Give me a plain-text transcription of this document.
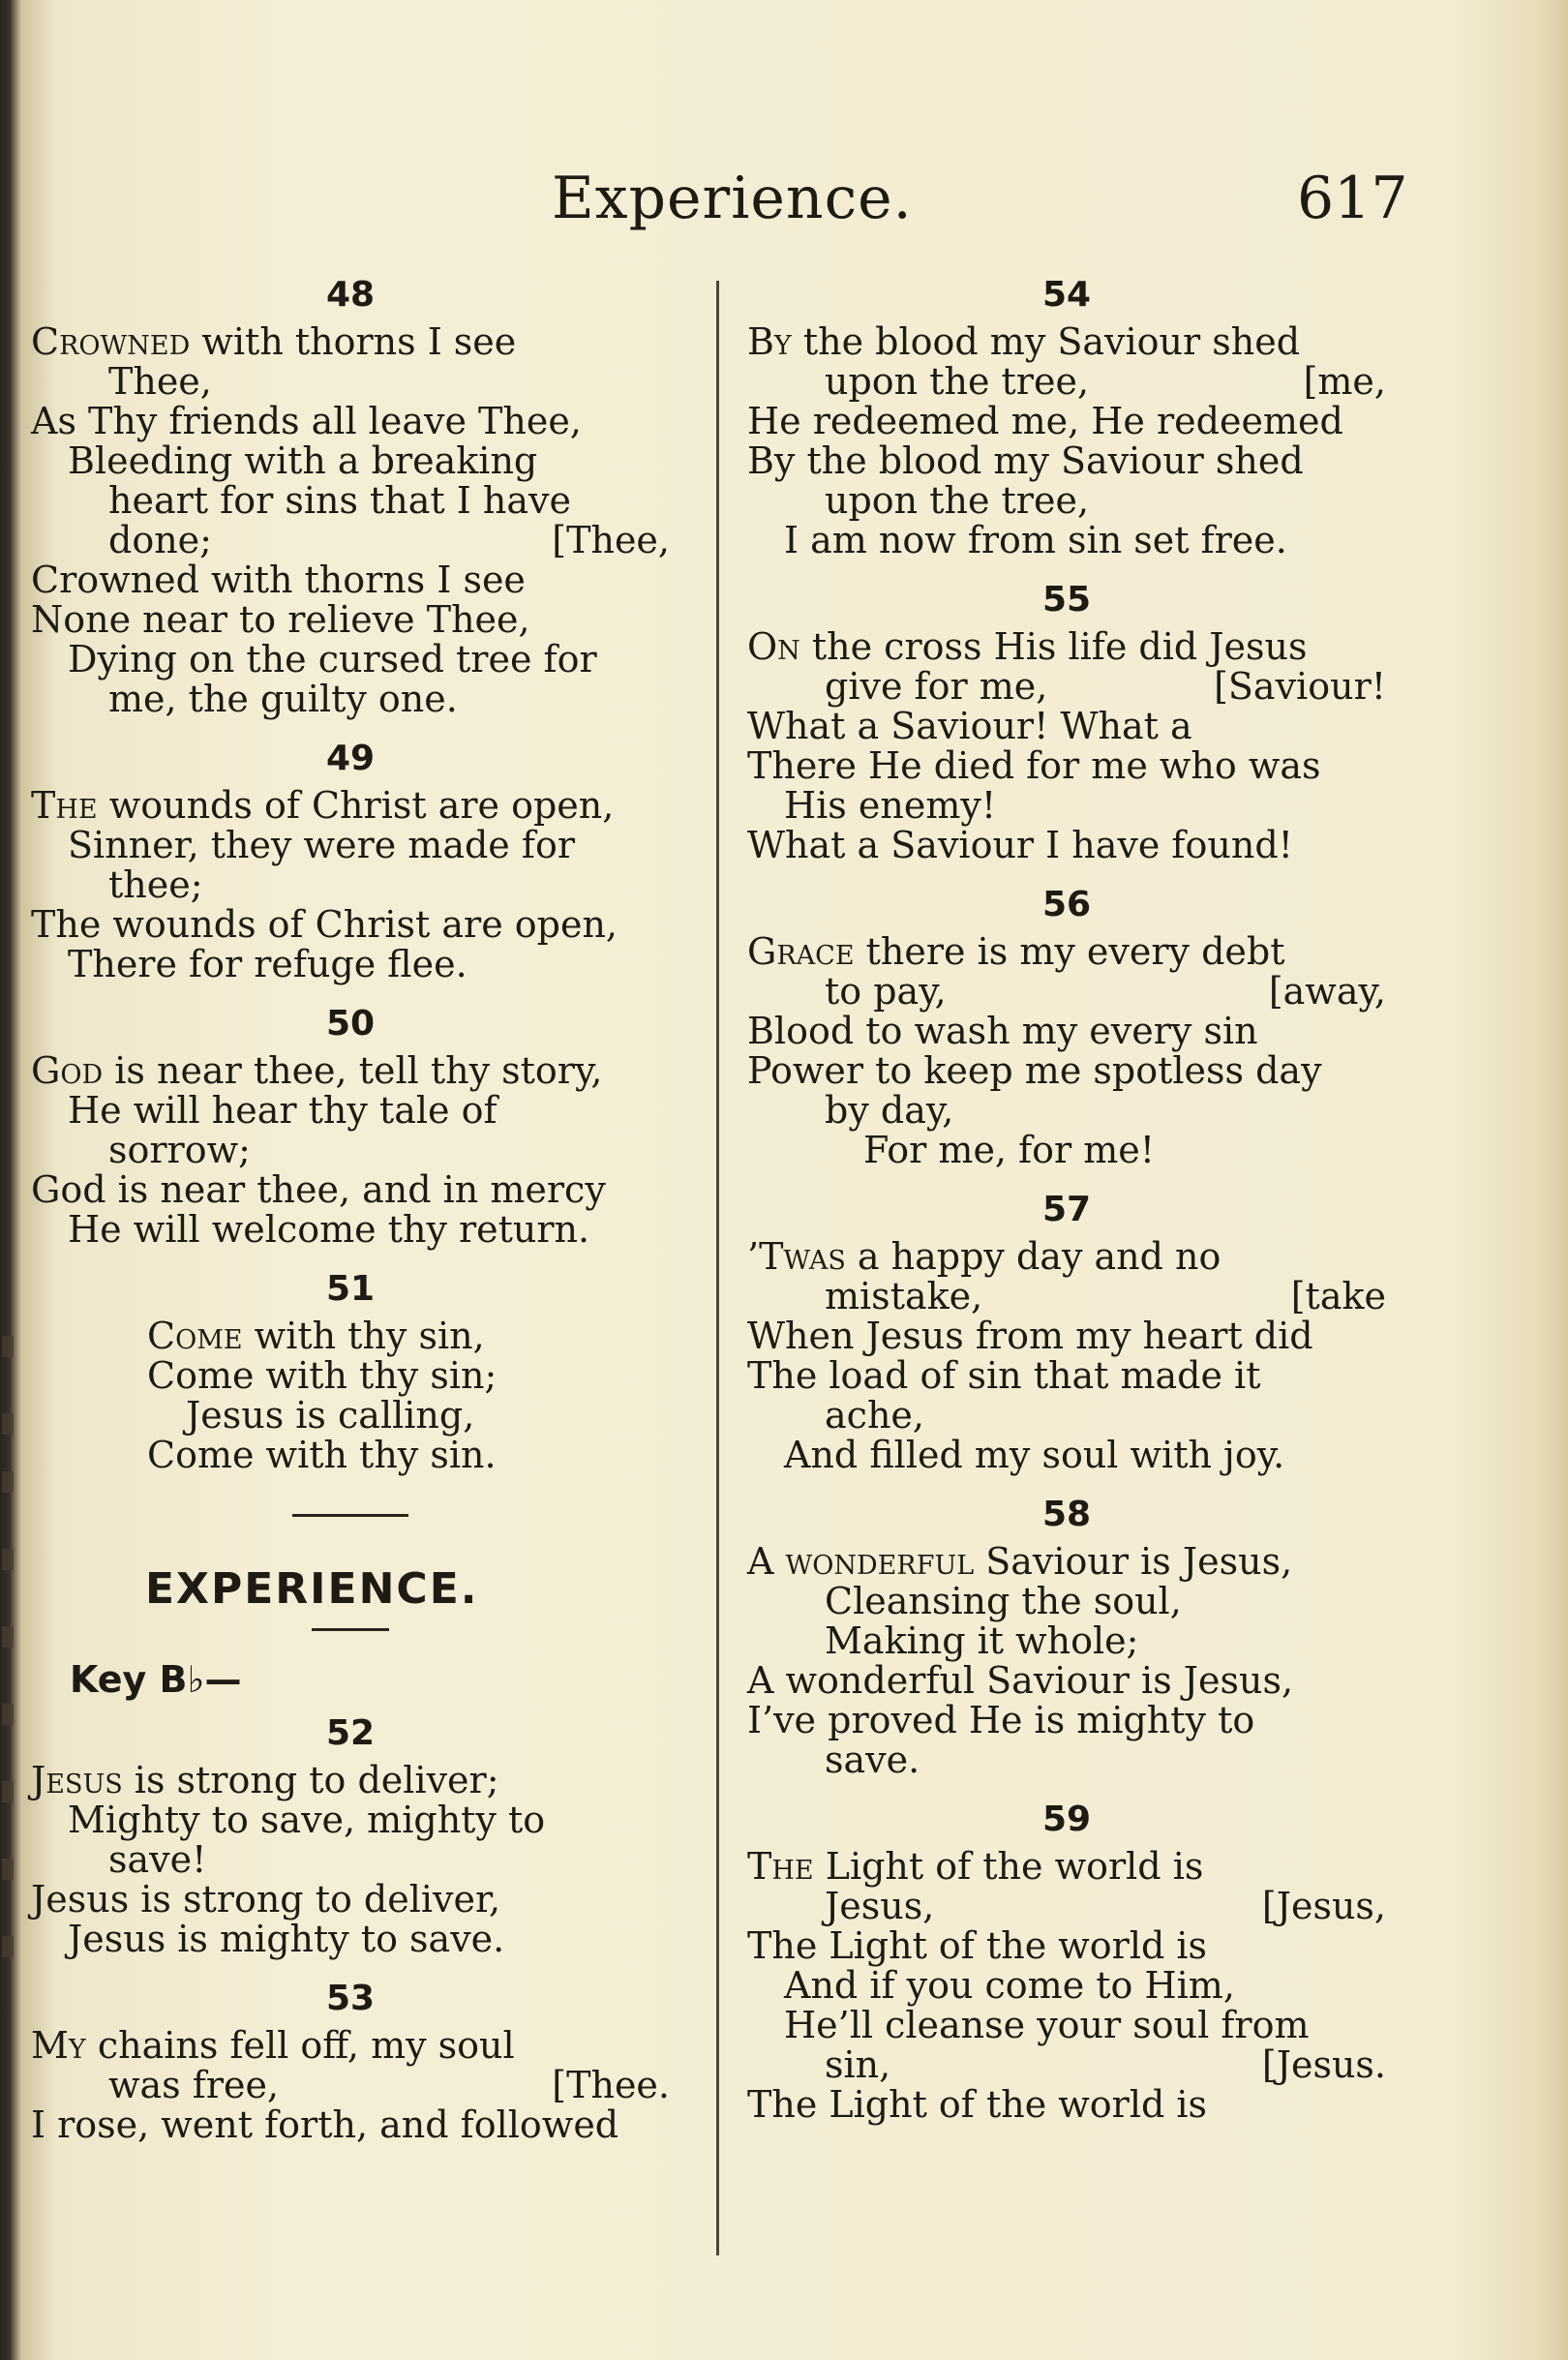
Experience.	617
48
Crowned with thorns I see
Thee,
As Thy friends all leave Thee,
Bleeding with a breaking
heart for sins that I have
done;	[Thee,
Crowned with thorns I see
None near to relieve Thee,
Dying on the cursed tree for
me, the guilty one.
49
The wounds of Christ are open,
Sinner, they were made for
thee;
The wounds of Christ are open,
There for refuge flee.
50
God is near thee, tell thy story,
He will hear thy tale of
sorrow;
God is near thee, and in mercy
He will welcome thy return.
51
Come with thy sin,
Come with thy sin;
Jesus is calling,
Come with thy sin.
EXPERIENCE.
Key B♭—
52
Jesus is strong to deliver;
Mighty to save, mighty to
save!
Jesus is strong to deliver,
Jesus is mighty to save.
53
My chains fell off, my soul
was free,	[Thee.
I rose, went forth, and followed
54
By the blood my Saviour shed
upon the tree,	[me,
He redeemed me, He redeemed
By the blood my Saviour shed
upon the tree,
I am now from sin set free.
55
On the cross His life did Jesus
give for me,	[Saviour!
What a Saviour! What a
There He died for me who was
His enemy!
What a Saviour I have found!
56
Grace there is my every debt
to pay,	[away,
Blood to wash my every sin
Power to keep me spotless day
by day,
For me, for me!
57
’Twas a happy day and no
mistake,	[take
When Jesus from my heart did
The load of sin that made it
ache,
And filled my soul with joy.
58
A wonderful Saviour is Jesus,
Cleansing the soul,
Making it whole;
A wonderful Saviour is Jesus,
I’ve proved He is mighty to
save.
59
The Light of the world is
Jesus,	[Jesus,
The Light of the world is
And if you come to Him,
He’ll cleanse your soul from
sin,	[Jesus.
The Light of the world is
